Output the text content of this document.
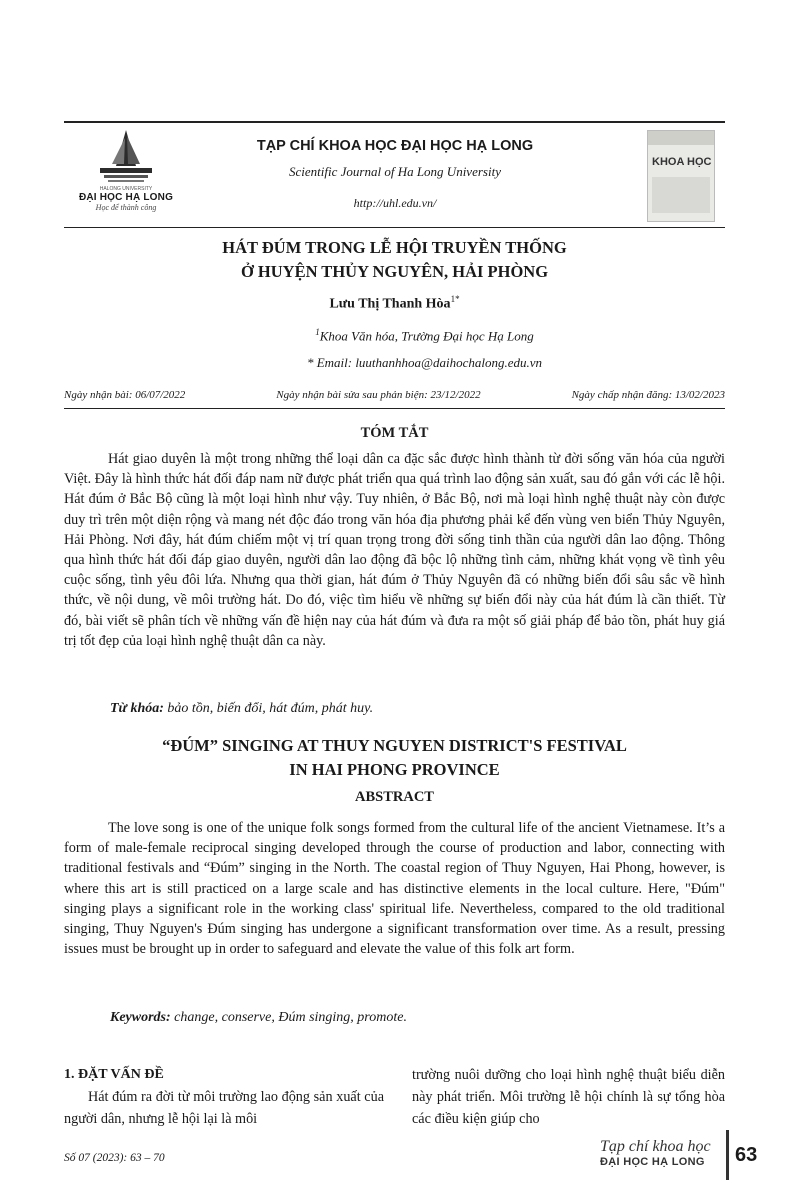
HALONG UNIVERSITY
ĐẠI HỌC HẠ LONG
Học để thành công
TẠP CHÍ KHOA HỌC ĐẠI HỌC HẠ LONG
Scientific Journal of Ha Long University
http://uhl.edu.vn/
KHOA HỌC
HÁT ĐÚM TRONG LỄ HỘI TRUYỀN THỐNG
Ở HUYỆN THỦY NGUYÊN, HẢI PHÒNG
Lưu Thị Thanh Hòa$^{1*}$
$^1$Khoa Văn hóa, Trường Đại học Hạ Long
* Email: luuthanhhoa@daihochalong.edu.vn
Ngày nhận bài: 06/07/2022	Ngày nhận bài sửa sau phản biện: 23/12/2022	Ngày chấp nhận đăng: 13/02/2023
TÓM TẮT

Hát giao duyên là một trong những thể loại dân ca đặc sắc được hình thành từ đời sống văn hóa của người Việt. Đây là hình thức hát đối đáp nam nữ được phát triển qua quá trình lao động sản xuất, sau đó gắn với các lễ hội. Hát đúm ở Bắc Bộ cũng là một loại hình như vậy. Tuy nhiên, ở Bắc Bộ, nơi mà loại hình nghệ thuật này còn được duy trì trên một diện rộng và mang nét độc đáo trong văn hóa địa phương phải kể đến vùng ven biển Thủy Nguyên, Hải Phòng. Nơi đây, hát đúm chiếm một vị trí quan trọng trong đời sống tinh thần của người dân lao động. Thông qua hình thức hát đối đáp giao duyên, người dân lao động đã bộc lộ những tình cảm, những khát vọng về tình yêu cuộc sống, tình yêu đôi lứa. Nhưng qua thời gian, hát đúm ở Thủy Nguyên đã có những biến đổi sâu sắc về hình thức, về nội dung, về môi trường hát. Do đó, việc tìm hiểu về những sự biến đổi này của hát đúm là cần thiết. Từ đó, bài viết sẽ phân tích về những vấn đề hiện nay của hát đúm và đưa ra một số giải pháp để bảo tồn, phát huy giá trị tốt đẹp của loại hình nghệ thuật dân ca này.

Từ khóa: bảo tồn, biến đổi, hát đúm, phát huy.
“ĐÚM” SINGING AT THUY NGUYEN DISTRICT'S FESTIVAL
IN HAI PHONG PROVINCE
ABSTRACT

The love song is one of the unique folk songs formed from the cultural life of the ancient Vietnamese. It’s a form of male-female reciprocal singing developed through the course of production and labor, connecting with traditional festivals and “Đúm” singing in the North. The coastal region of Thuy Nguyen, Hai Phong, however, is where this art is still practiced on a large scale and has distinctive elements in the local culture. Here, "Đúm" singing plays a significant role in the working class' spiritual life. Nevertheless, compared to the old traditional singing, Thuy Nguyen's Đúm singing has undergone a significant transformation over time. As a result, pressing issues must be brought up in order to safeguard and elevate the value of this folk art form.

Keywords: change, conserve, Đúm singing, promote.
1. ĐẶT VẤN ĐỀ

Hát đúm ra đời từ môi trường lao động sản xuất của người dân, nhưng lễ hội lại là môi

trường nuôi dưỡng cho loại hình nghệ thuật biểu diễn này phát triển. Môi trường lễ hội chính là sự tổng hòa các điều kiện giúp cho

Số 07 (2023): 63 – 70
Tạp chí khoa học
ĐẠI HỌC HẠ LONG	63
